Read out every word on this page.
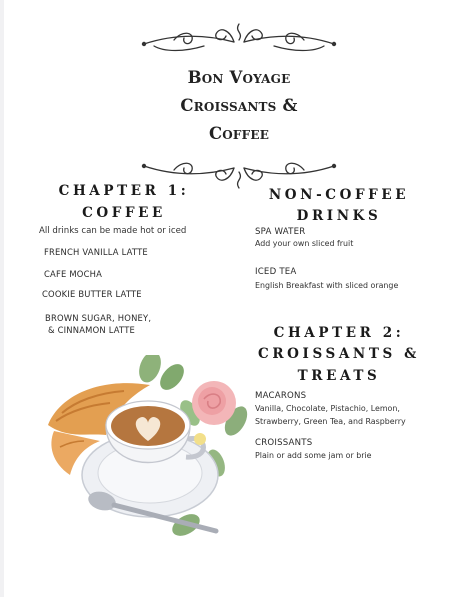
Bon Voyage
Croissants &
Coffee
CHAPTER 1:
COFFEE
All drinks can be made hot or iced
FRENCH VANILLA LATTE
CAFE MOCHA
COOKIE BUTTER LATTE
BROWN SUGAR, HONEY,
& CINNAMON LATTE
NON-COFFEE
DRINKS
SPA WATER
Add your own sliced fruit
ICED TEA
English Breakfast with sliced orange
CHAPTER 2:
CROISSANTS &
TREATS
MACARONS
Vanilla, Chocolate, Pistachio, Lemon,
Strawberry, Green Tea, and Raspberry
CROISSANTS
Plain or add some jam or brie
